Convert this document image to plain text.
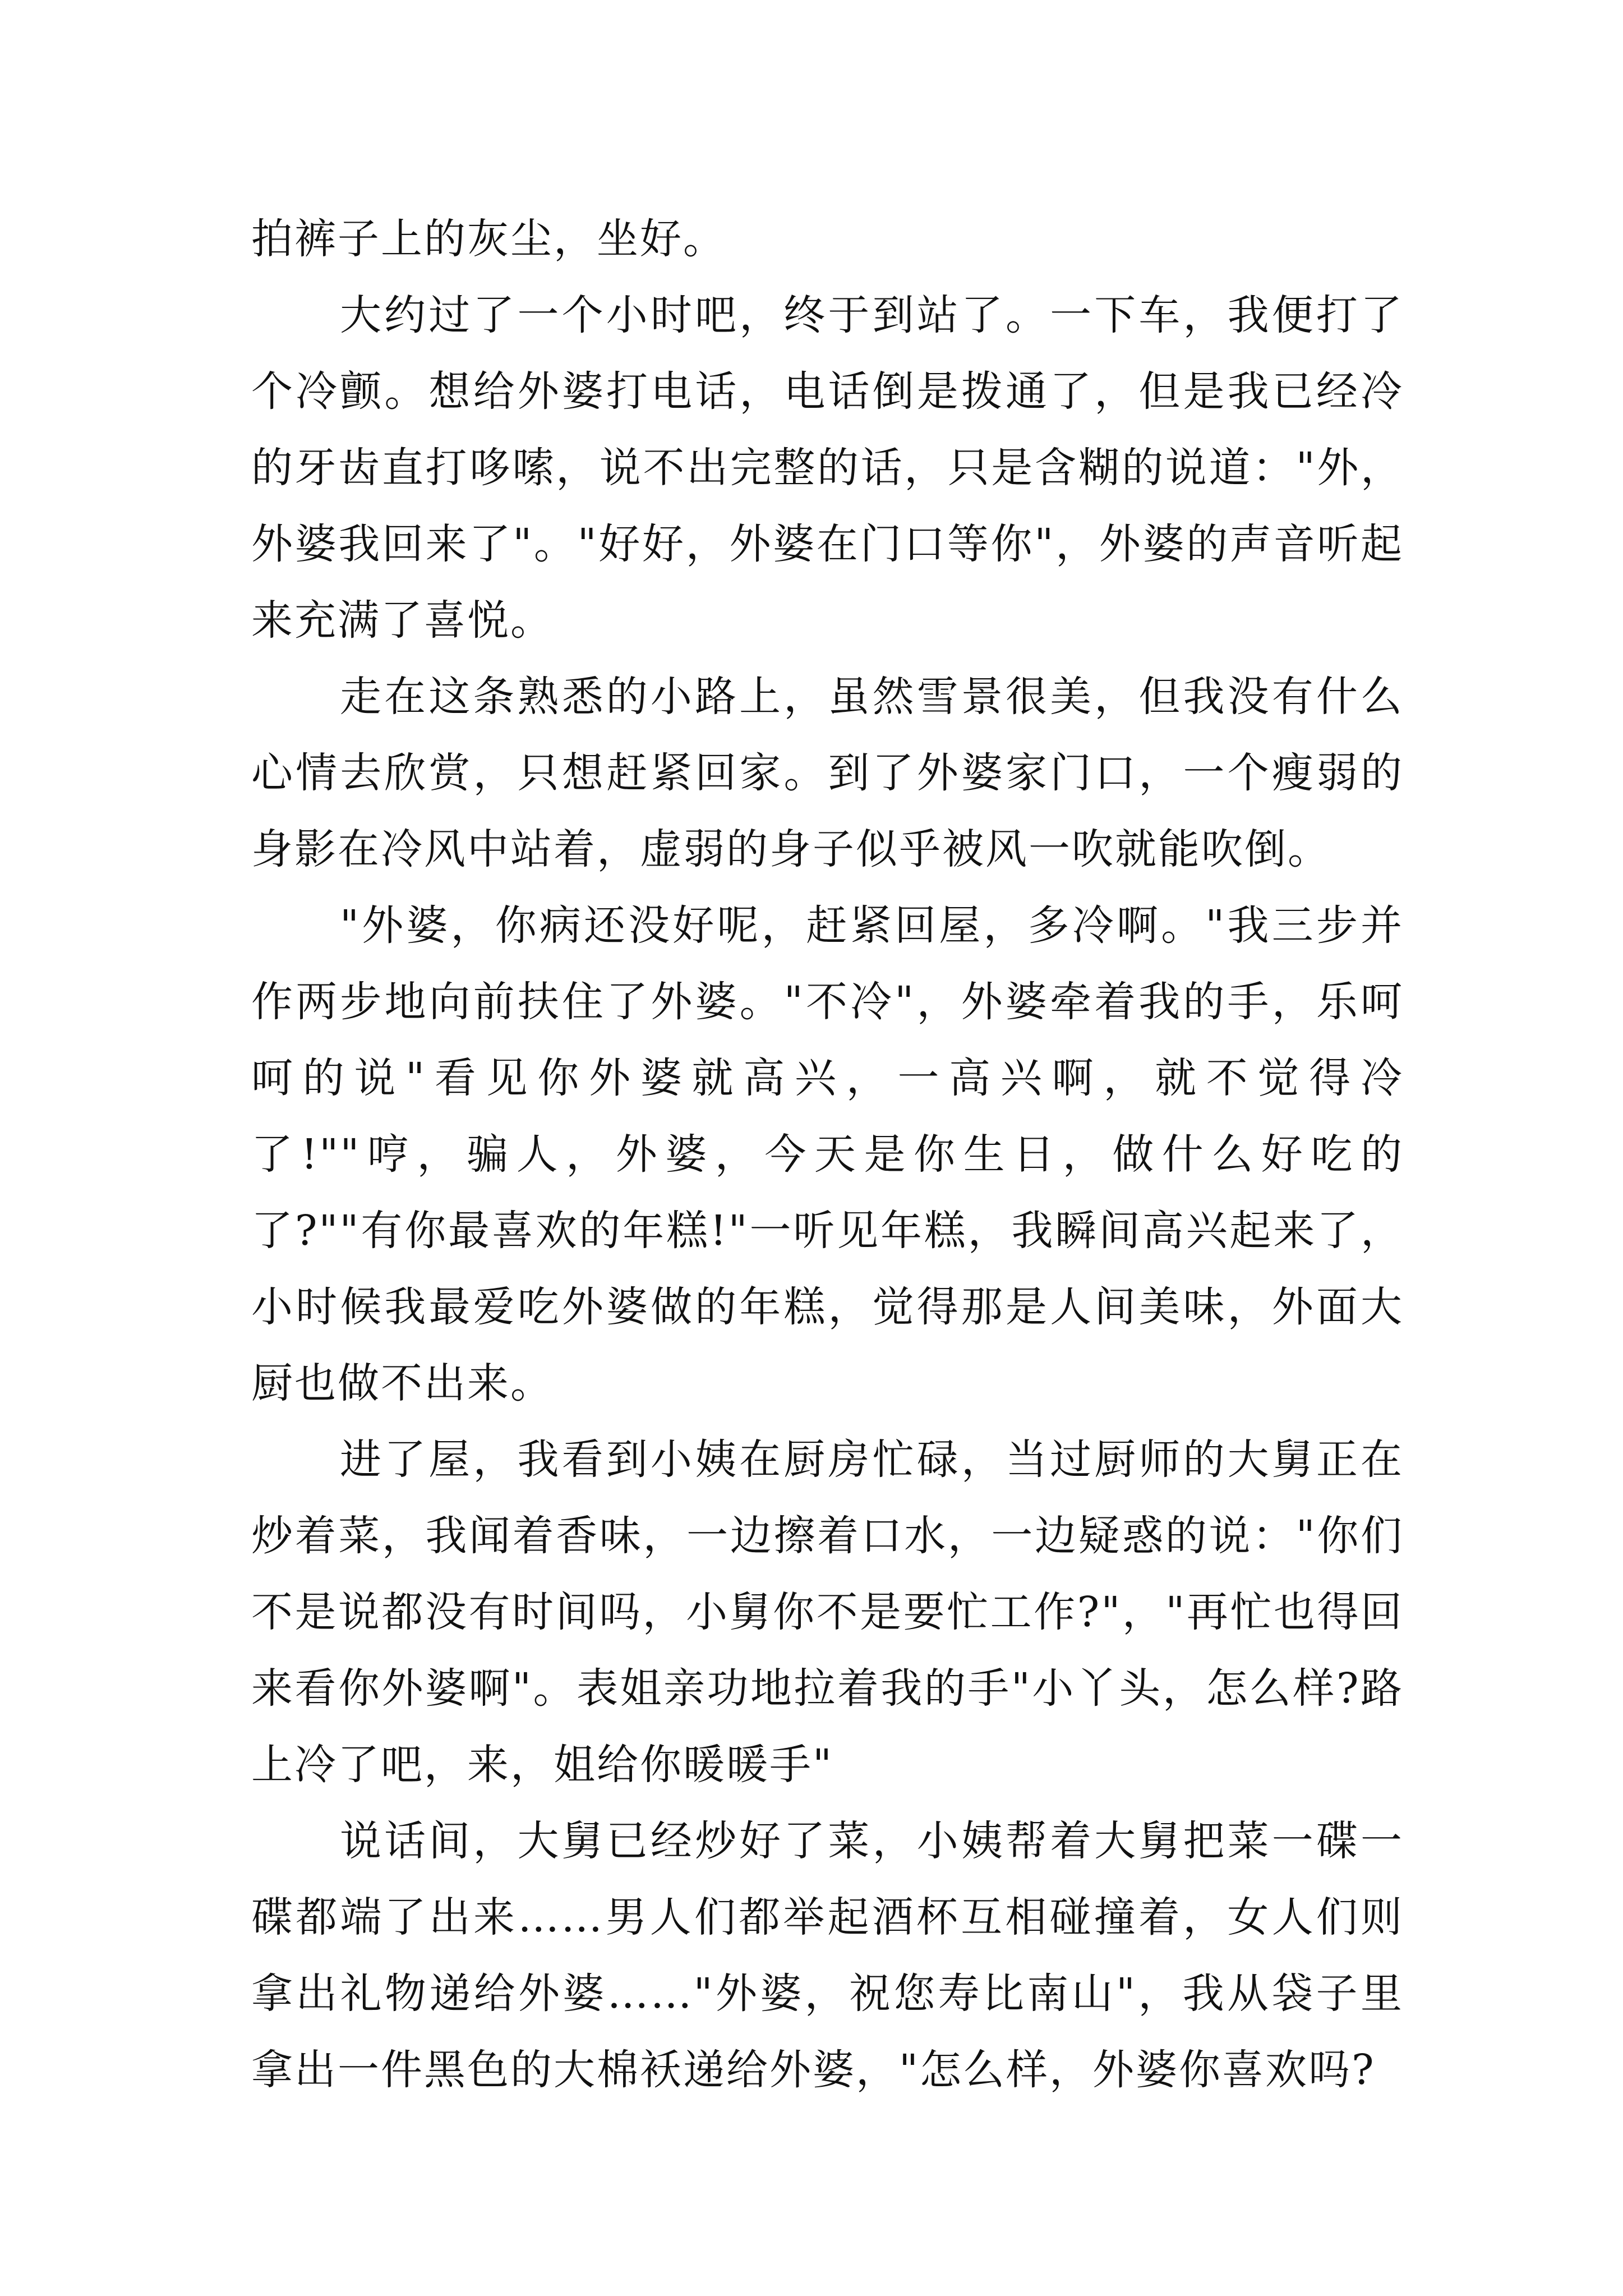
拍裤子上的灰尘，坐好。

大约过了一个小时吧，终于到站了。一下车，我便打了个冷颤。想给外婆打电话，电话倒是拨通了，但是我已经冷的牙齿直打哆嗦，说不出完整的话，只是含糊的说道："外，外婆我回来了"。"好好，外婆在门口等你"，外婆的声音听起来充满了喜悦。

走在这条熟悉的小路上，虽然雪景很美，但我没有什么心情去欣赏，只想赶紧回家。到了外婆家门口，一个瘦弱的身影在冷风中站着，虚弱的身子似乎被风一吹就能吹倒。

"外婆，你病还没好呢，赶紧回屋，多冷啊。"我三步并作两步地向前扶住了外婆。"不冷"，外婆牵着我的手，乐呵呵的说"看见你外婆就高兴，一高兴啊，就不觉得冷了!""哼，骗人，外婆，今天是你生日，做什么好吃的了?""有你最喜欢的年糕!"一听见年糕，我瞬间高兴起来了，小时候我最爱吃外婆做的年糕，觉得那是人间美味，外面大厨也做不出来。

进了屋，我看到小姨在厨房忙碌，当过厨师的大舅正在炒着菜，我闻着香味，一边擦着口水，一边疑惑的说："你们不是说都没有时间吗，小舅你不是要忙工作?"，"再忙也得回来看你外婆啊"。表姐亲功地拉着我的手"小丫头，怎么样?路上冷了吧，来，姐给你暖暖手"

说话间，大舅已经炒好了菜，小姨帮着大舅把菜一碟一碟都端了出来……男人们都举起酒杯互相碰撞着，女人们则拿出礼物递给外婆……"外婆，祝您寿比南山"，我从袋子里拿出一件黑色的大棉袄递给外婆，"怎么样，外婆你喜欢吗?
